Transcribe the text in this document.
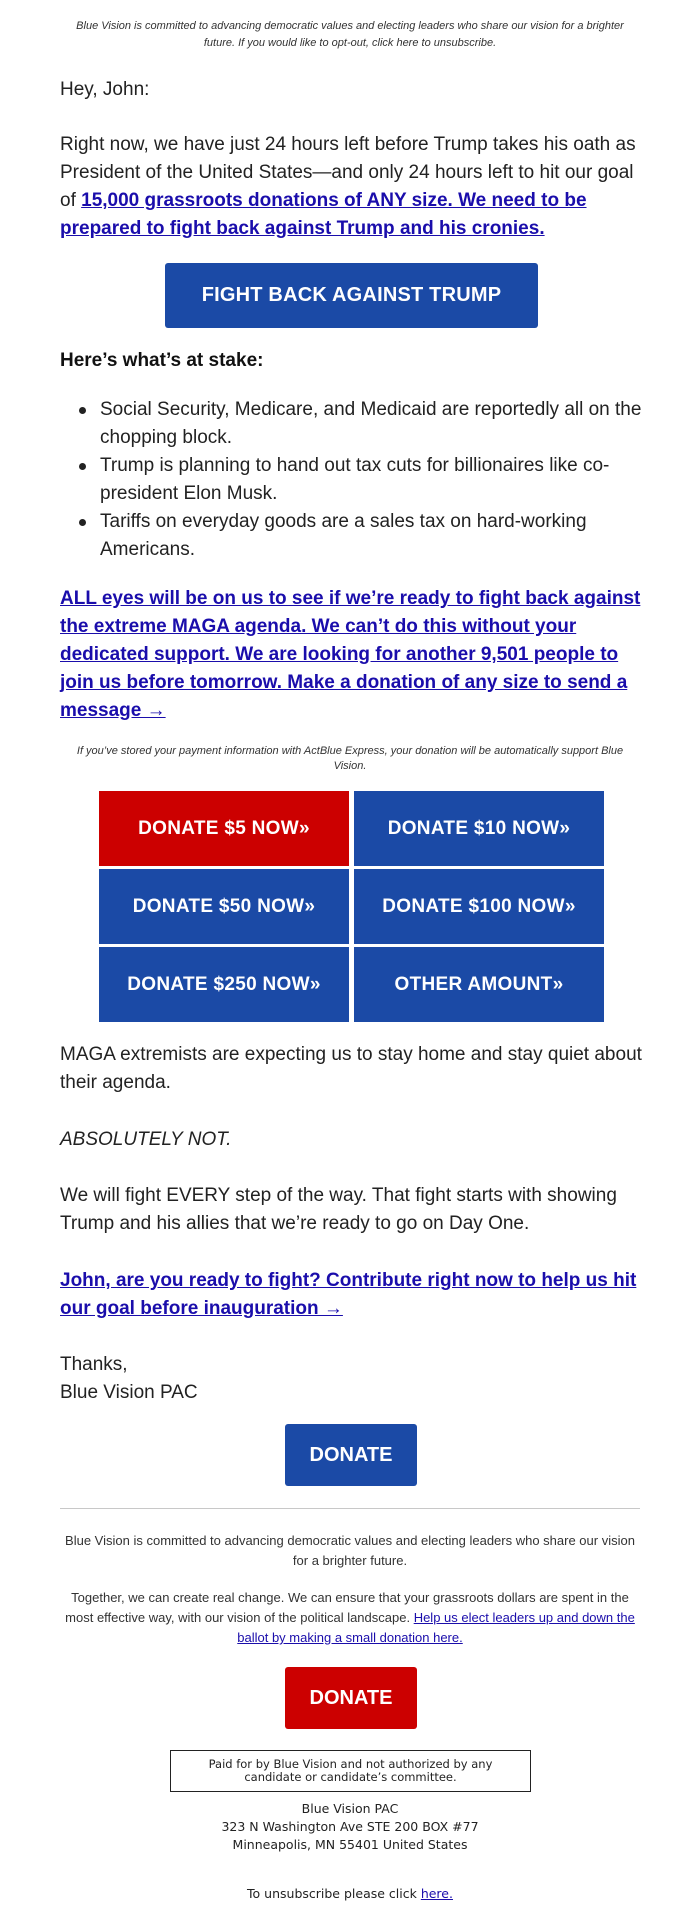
Blue Vision is committed to advancing democratic values and electing leaders who share our vision for a brighter future. If you would like to opt-out, click here to unsubscribe.
Hey, John:
Right now, we have just 24 hours left before Trump takes his oath as President of the United States—and only 24 hours left to hit our goal of 15,000 grassroots donations of ANY size. We need to be prepared to fight back against Trump and his cronies.
FIGHT BACK AGAINST TRUMP
Here’s what’s at stake:
Social Security, Medicare, and Medicaid are reportedly all on the chopping block.
Trump is planning to hand out tax cuts for billionaires like co-president Elon Musk.
Tariffs on everyday goods are a sales tax on hard-working Americans.
ALL eyes will be on us to see if we’re ready to fight back against the extreme MAGA agenda. We can’t do this without your dedicated support. We are looking for another 9,501 people to join us before tomorrow. Make a donation of any size to send a message →
If you’ve stored your payment information with ActBlue Express, your donation will be automatically support Blue Vision.
DONATE $5 NOW»	DONATE $10 NOW»
DONATE $50 NOW»	DONATE $100 NOW»
DONATE $250 NOW»	OTHER AMOUNT»
MAGA extremists are expecting us to stay home and stay quiet about their agenda.
ABSOLUTELY NOT.
We will fight EVERY step of the way. That fight starts with showing Trump and his allies that we’re ready to go on Day One.
John, are you ready to fight? Contribute right now to help us hit our goal before inauguration →
Thanks,
Blue Vision PAC
DONATE
Blue Vision is committed to advancing democratic values and electing leaders who share our vision for a brighter future.
Together, we can create real change. We can ensure that your grassroots dollars are spent in the most effective way, with our vision of the political landscape. Help us elect leaders up and down the ballot by making a small donation here.
DONATE
Paid for by Blue Vision and not authorized by any candidate or candidate’s committee.
Blue Vision PAC
323 N Washington Ave STE 200 BOX #77
Minneapolis, MN 55401 United States
To unsubscribe please click here.
